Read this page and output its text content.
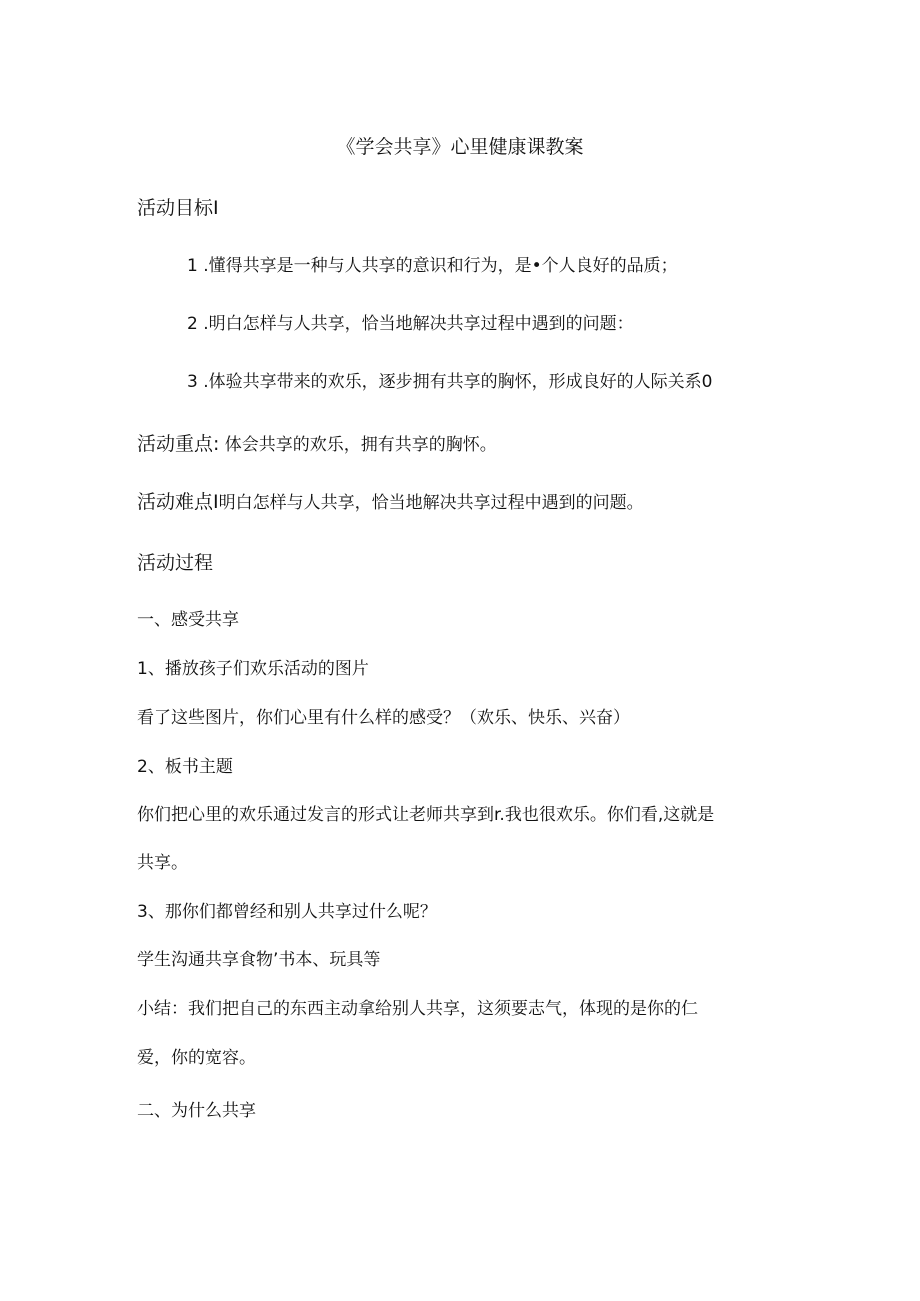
《学会共享》心里健康课教案
活动目标I
1 .懂得共享是一种与人共享的意识和行为，是•个人良好的品质；
2 .明白怎样与人共享，恰当地解决共享过程中遇到的问题：
3 .体验共享带来的欢乐，逐步拥有共享的胸怀，形成良好的人际关系0
活动重点: 体会共享的欢乐，拥有共享的胸怀。
活动难点I明白怎样与人共享，恰当地解决共享过程中遇到的问题。
活动过程
一、感受共享
1、播放孩子们欢乐活动的图片
看了这些图片，你们心里有什么样的感受？（欢乐、快乐、兴奋）
2、板书主题
你们把心里的欢乐通过发言的形式让老师共享到r.我也很欢乐。你们看,这就是
共享。
3、那你们都曾经和别人共享过什么呢？
学生沟通共享食物’书本、玩具等
小结：我们把自己的东西主动拿给别人共享，这须要志气，体现的是你的仁
爱，你的宽容。
二、为什么共享
